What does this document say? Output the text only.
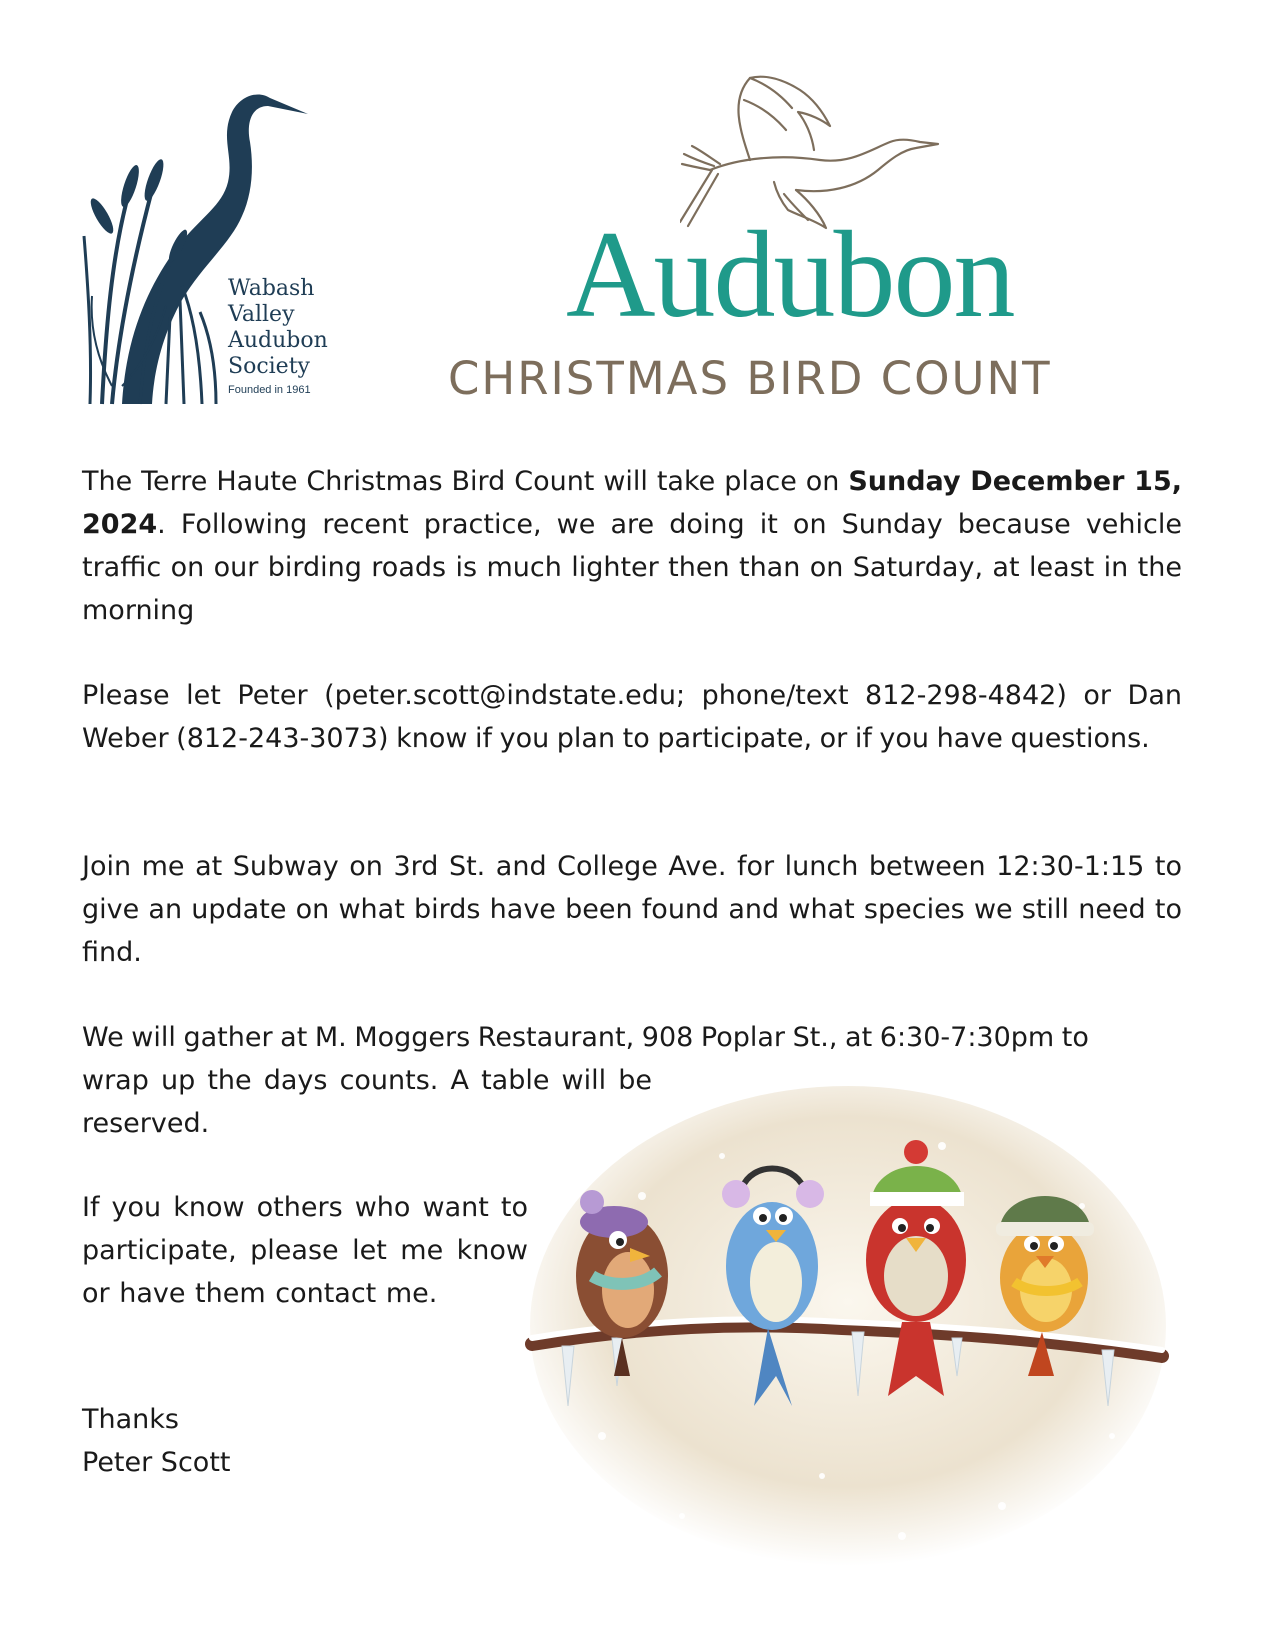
Wabash
Valley
Audubon
Society
Founded in 1961
Audubon
CHRISTMAS BIRD COUNT
The Terre Haute Christmas Bird Count will take place on Sunday December 15, 2024. Following recent practice, we are doing it on Sunday because vehicle traffic on our birding roads is much lighter then than on Saturday, at least in the morning
Please let Peter (peter.scott@indstate.edu; phone/text 812-298-4842) or Dan Weber (812-243-3073) know if you plan to participate, or if you have questions.
Join me at Subway on 3rd St. and College Ave. for lunch between 12:30-1:15 to give an update on what birds have been found and what species we still need to find.
We will gather at M. Moggers Restaurant, 908 Poplar St., at 6:30-7:30pm to
wrap up the days counts. A table will be reserved.
If you know others who want to participate, please let me know or have them contact me.
Thanks
Peter Scott
